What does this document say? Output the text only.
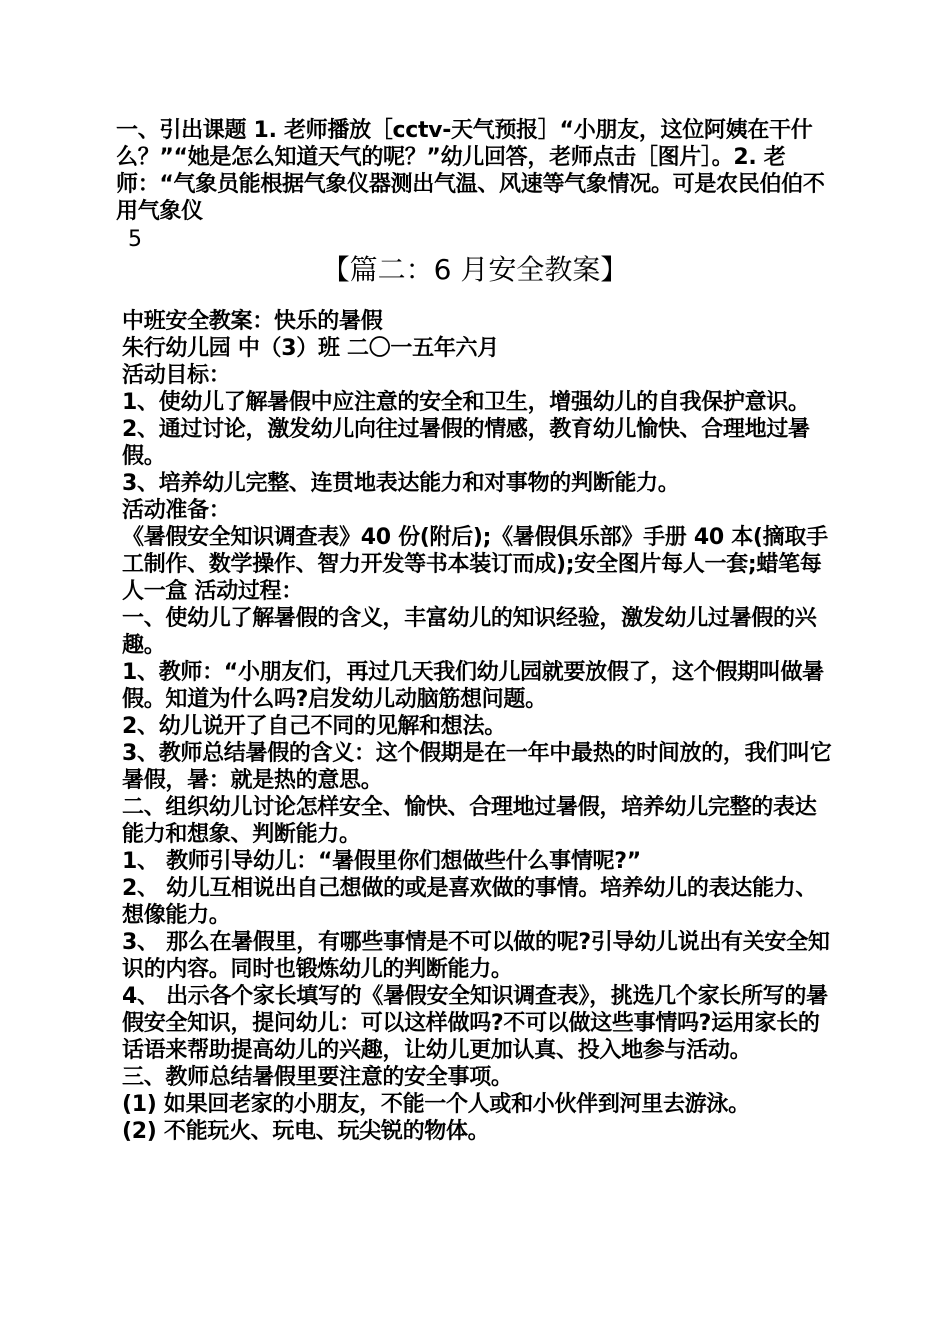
一、引出课题 1. 老师播放［cctv-天气预报］“小朋友，这位阿姨在干什么？”“她是怎么知道天气的呢？”幼儿回答，老师点击［图片］。2. 老师：“气象员能根据气象仪器测出气温、风速等气象情况。可是农民伯伯不用气象仪

5

【篇二：6 月安全教案】

中班安全教案：快乐的暑假

朱行幼儿园 中（3）班 二〇一五年六月

活动目标：

1、使幼儿了解暑假中应注意的安全和卫生，增强幼儿的自我保护意识。

2、通过讨论，激发幼儿向往过暑假的情感，教育幼儿愉快、合理地过暑假。

3、培养幼儿完整、连贯地表达能力和对事物的判断能力。

活动准备：

《暑假安全知识调查表》40 份(附后);《暑假俱乐部》手册 40 本(摘取手工制作、数学操作、智力开发等书本装订而成);安全图片每人一套;蜡笔每人一盒 活动过程：

一、使幼儿了解暑假的含义，丰富幼儿的知识经验，激发幼儿过暑假的兴趣。

1、教师：“小朋友们，再过几天我们幼儿园就要放假了，这个假期叫做暑假。知道为什么吗?启发幼儿动脑筋想问题。

2、幼儿说开了自己不同的见解和想法。

3、教师总结暑假的含义：这个假期是在一年中最热的时间放的，我们叫它暑假，暑：就是热的意思。

二、组织幼儿讨论怎样安全、愉快、合理地过暑假，培养幼儿完整的表达能力和想象、判断能力。

1、 教师引导幼儿：“暑假里你们想做些什么事情呢?”

2、 幼儿互相说出自己想做的或是喜欢做的事情。培养幼儿的表达能力、想像能力。

3、 那么在暑假里，有哪些事情是不可以做的呢?引导幼儿说出有关安全知识的内容。同时也锻炼幼儿的判断能力。

4、 出示各个家长填写的《暑假安全知识调查表》，挑选几个家长所写的暑假安全知识，提问幼儿：可以这样做吗?不可以做这些事情吗?运用家长的话语来帮助提高幼儿的兴趣，让幼儿更加认真、投入地参与活动。

三、教师总结暑假里要注意的安全事项。

(1) 如果回老家的小朋友，不能一个人或和小伙伴到河里去游泳。

(2) 不能玩火、玩电、玩尖锐的物体。
